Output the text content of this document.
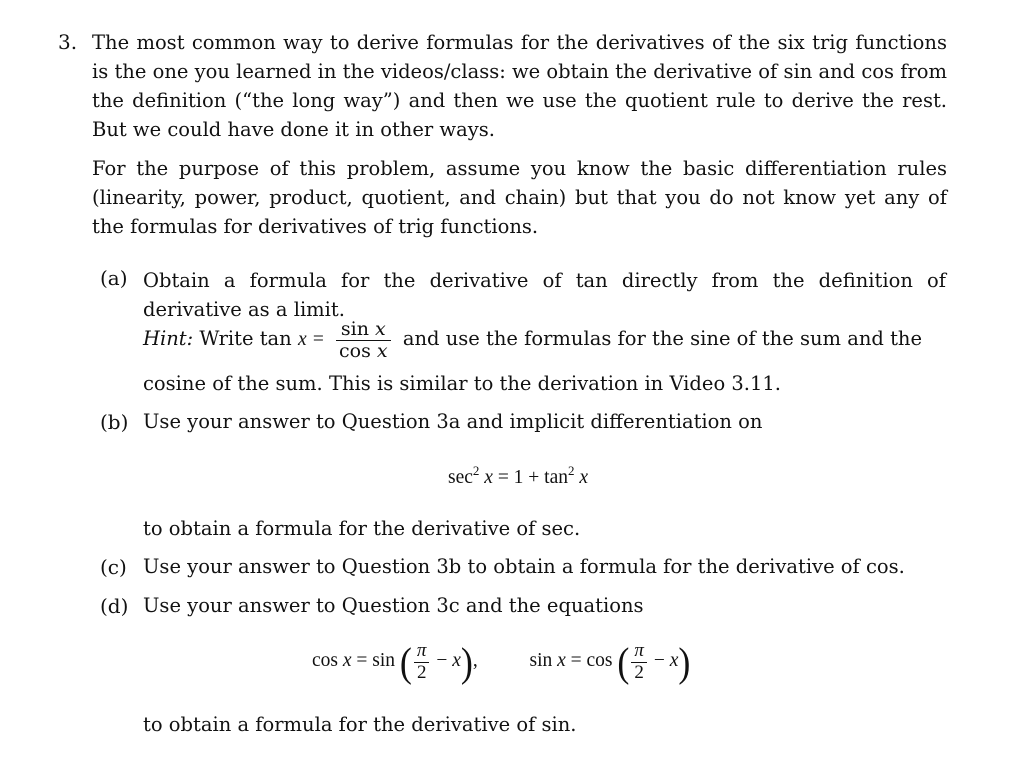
3. The most common way to derive formulas for the derivatives of the six trig functions is the one you learned in the videos/class: we obtain the derivative of sin and cos from the definition (“the long way”) and then we use the quotient rule to derive the rest. But we could have done it in other ways.

For the purpose of this problem, assume you know the basic differentiation rules (linearity, power, product, quotient, and chain) but that you do not know yet any of the formulas for derivatives of trig functions.

(a) Obtain a formula for the derivative of tan directly from the definition of derivative as a limit.

Hint: Write $\tan x = \frac{\text{sin x}}{\text{cos x}}$ and use the formulas for the sine of the sum and the
cosine of the sum. This is similar to the derivation in Video 3.11.
(b) Use your answer to Question 3a and implicit differentiation on
$\sec^2 x = 1 + \tan^2 x$
to obtain a formula for the derivative of sec.
(c) Use your answer to Question 3b to obtain a formula for the derivative of cos.
(d) Use your answer to Question 3c and the equations
cos x = sin ( $\frac{\pi}{2} - x$),	sin x = cos ( $\frac{\pi}{2} - x$)
to obtain a formula for the derivative of sin.
